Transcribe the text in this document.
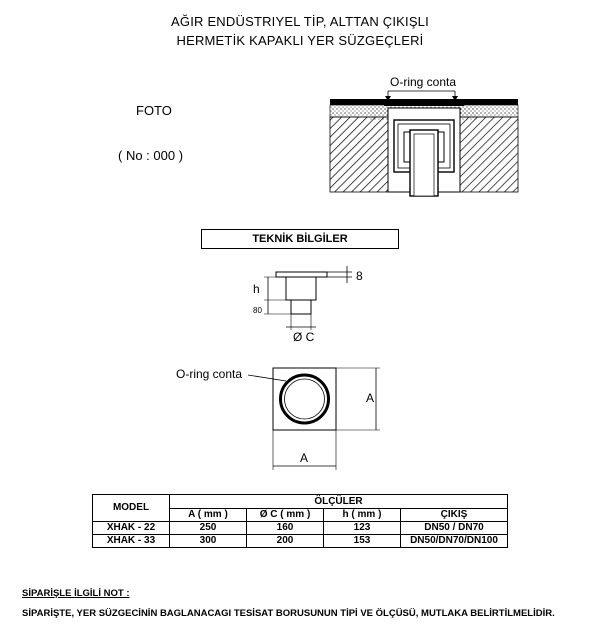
AĞIR ENDÜSTRIYEL TİP, ALTTAN ÇIKIŞLI
HERMETİK KAPAKLI YER SÜZGEÇLERİ
FOTO
( No : 000 )
O-ring conta
8
h
80
Ø C
O-ring conta
A
A
TEKNİK BİLGİLER
MODEL	ÖLÇÜLER			
	A ( mm )	Ø C ( mm )	h ( mm )	ÇIKIŞ
XHAK - 22	250	160	123	DN50 / DN70
XHAK - 33	300	200	153	DN50/DN70/DN100
SİPARİŞLE İLGİLİ NOT :
SİPARİŞTE, YER SÜZGECİNİN BAGLANACAGI TESİSAT BORUSUNUN TİPİ VE ÖLÇÜSÜ, MUTLAKA BELİRTİLMELİDİR.
